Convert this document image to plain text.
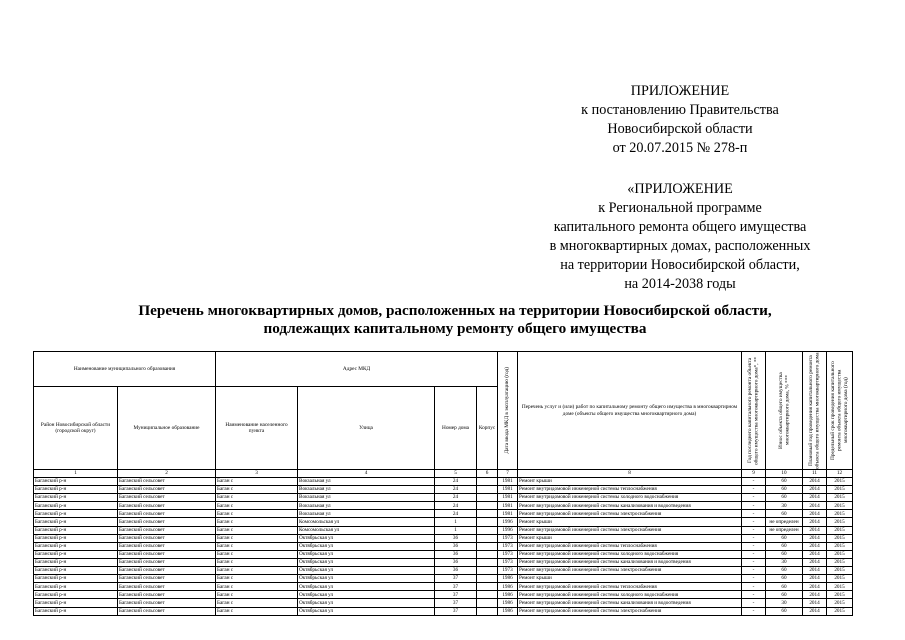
ПРИЛОЖЕНИЕ
к постановлению Правительства
Новосибирской области
от 20.07.2015 № 278-п
«ПРИЛОЖЕНИЕ
к Региональной программе
капитального ремонта общего имущества
в многоквартирных домах, расположенных
на территории Новосибирской области,
на 2014-2038 годы
Перечень многоквартирных домов, расположенных на территории Новосибирской области,
подлежащих капитальному ремонту общего имущества
Наименование муниципального образования		Адрес МКД				Дата ввода МКД в эксплуатацию (год)	Перечень услуг и (или) работ по капитальному ремонту общего имущества в многоквартирном доме (объекты общего имущества многоквартирного дома)	Год последнего капитального ремонта объекта общего имущества многоквартирного дома*, **	Износ объекта общего имущества многоквартирного дома, % ***	Плановый год проведения капитального ремонта объекта общего имущества многоквартирного дома	Предельный срок проведения капитального ремонта объекта общего имущества многоквартирного дома (год)

Район Новосибирской области (городской округ)	Муниципальное образование	Наименование населенного пункта	Улица	Номер дома	Корпус						
1	2	3	4	5	6	7	8	9	10	11	12
Баганский р-н	Баганский сельсовет	Баган с	Вокзальная ул	24		1981	Ремонт крыши	-	60	2014	2015
Баганский р-н	Баганский сельсовет	Баган с	Вокзальная ул	24		1981	Ремонт внутридомовой инженерной системы теплоснабжения	-	60	2014	2015
Баганский р-н	Баганский сельсовет	Баган с	Вокзальная ул	24		1981	Ремонт внутридомовой инженерной системы холодного водоснабжения	-	60	2014	2015
Баганский р-н	Баганский сельсовет	Баган с	Вокзальная ул	24		1981	Ремонт внутридомовой инженерной системы канализования и водоотведения	-	30	2014	2015
Баганский р-н	Баганский сельсовет	Баган с	Вокзальная ул	24		1981	Ремонт внутридомовой инженерной системы электроснабжения	-	60	2014	2015
Баганский р-н	Баганский сельсовет	Баган с	Комсомольская ул	1		1996	Ремонт крыши	-	не определен	2014	2015
Баганский р-н	Баганский сельсовет	Баган с	Комсомольская ул	1		1996	Ремонт внутридомовой инженерной системы электроснабжения	-	не определен	2014	2015
Баганский р-н	Баганский сельсовет	Баган с	Октябрьская ул	36		1973	Ремонт крыши	-	60	2014	2015
Баганский р-н	Баганский сельсовет	Баган с	Октябрьская ул	36		1973	Ремонт внутридомовой инженерной системы теплоснабжения	-	60	2014	2015
Баганский р-н	Баганский сельсовет	Баган с	Октябрьская ул	36		1973	Ремонт внутридомовой инженерной системы холодного водоснабжения	-	60	2014	2015
Баганский р-н	Баганский сельсовет	Баган с	Октябрьская ул	36		1973	Ремонт внутридомовой инженерной системы канализования и водоотведения	-	30	2014	2015
Баганский р-н	Баганский сельсовет	Баган с	Октябрьская ул	36		1973	Ремонт внутридомовой инженерной системы электроснабжения	-	60	2014	2015
Баганский р-н	Баганский сельсовет	Баган с	Октябрьская ул	37		1986	Ремонт крыши	-	60	2014	2015
Баганский р-н	Баганский сельсовет	Баган с	Октябрьская ул	37		1986	Ремонт внутридомовой инженерной системы теплоснабжения	-	60	2014	2015
Баганский р-н	Баганский сельсовет	Баган с	Октябрьская ул	37		1986	Ремонт внутридомовой инженерной системы холодного водоснабжения	-	60	2014	2015
Баганский р-н	Баганский сельсовет	Баган с	Октябрьская ул	37		1986	Ремонт внутридомовой инженерной системы канализования и водоотведения	-	30	2014	2015
Баганский р-н	Баганский сельсовет	Баган с	Октябрьская ул	37		1986	Ремонт внутридомовой инженерной системы электроснабжения	-	60	2014	2015
